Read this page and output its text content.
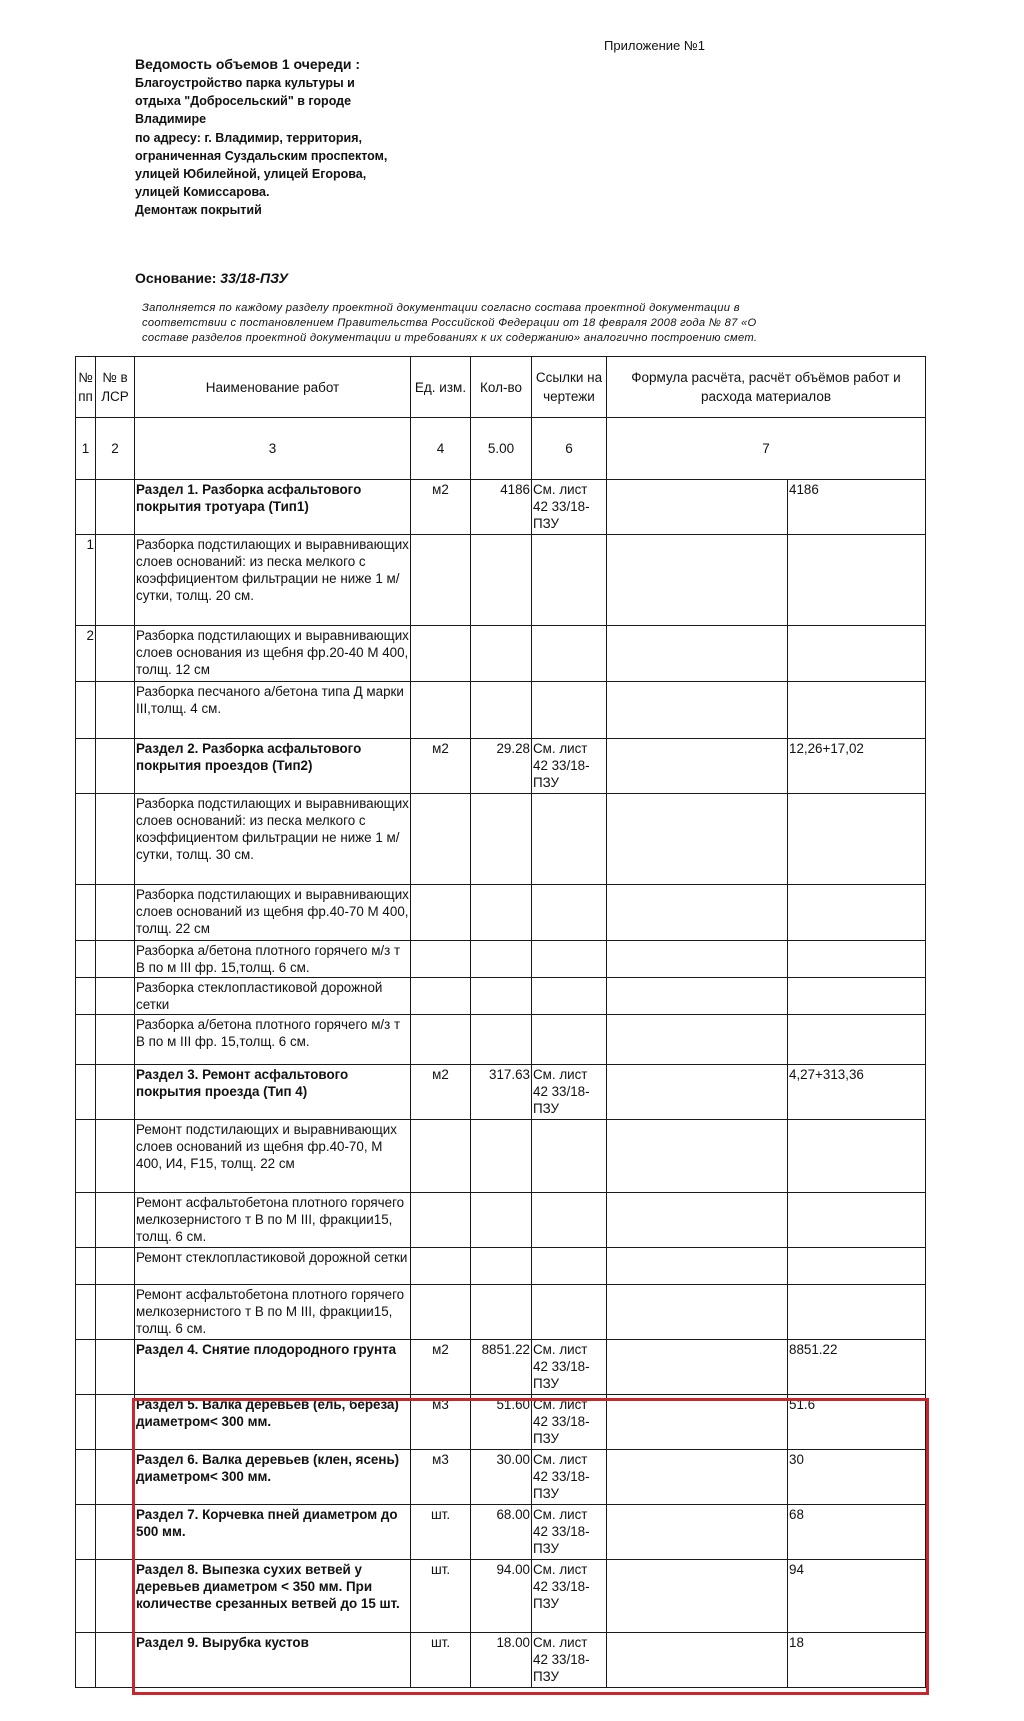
Приложение №1
Ведомость объемов 1 очереди :
Благоустройство парка культуры и
отдыха "Добросельский" в городе
Владимире
по адресу: г. Владимир, территория,
ограниченная Суздальским проспектом,
улицей Юбилейной, улицей Егорова,
улицей Комиссарова.
Демонтаж покрытий
Основание: 33/18-ПЗУ
Заполняется по каждому разделу проектной документации согласно состава проектной документации в соответствии с постановлением Правительства Российской Федерации от 18 февраля 2008 года № 87 «О составе разделов проектной документации и требованиях к их содержанию» аналогично построению смет.
№ пп	№ в ЛСР	Наименование работ	Ед. изм.	Кол-во	Ссылки на чертежи	Формула расчёта, расчёт объёмов работ и расхода материалов	
1	2	3	4	5.00	6	7	
		Раздел 1. Разборка асфальтового покрытия тротуара (Тип1)	м2	4186	См. лист 42 33/18-ПЗУ		4186
1		Разборка подстилающих и выравнивающих слоев оснований: из песка мелкого с коэффициентом фильтрации не ниже 1 м/сутки, толщ. 20 см.					
2		Разборка подстилающих и выравнивающих слоев основания из щебня фр.20-40 М 400, толщ. 12 см					
		Разборка песчаного а/бетона типа Д марки III,толщ. 4 см.					
		Раздел 2. Разборка асфальтового покрытия проездов (Тип2)	м2	29.28	См. лист 42 33/18-ПЗУ		12,26+17,02
		Разборка подстилающих и выравнивающих слоев оснований: из песка мелкого с коэффициентом фильтрации не ниже 1 м/сутки, толщ. 30 см.					
		Разборка подстилающих и выравнивающих слоев оснований из щебня фр.40-70 М 400, толщ. 22 см					
		Разборка а/бетона плотного горячего м/з т В по м III фр. 15,толщ. 6 см.					
		Разборка стеклопластиковой дорожной сетки					
		Разборка а/бетона плотного горячего м/з т В по м III фр. 15,толщ. 6 см.					
		Раздел 3. Ремонт асфальтового покрытия проезда (Тип 4)	м2	317.63	См. лист 42 33/18-ПЗУ		4,27+313,36
		Ремонт подстилающих и выравнивающих слоев оснований из щебня фр.40-70, М 400, И4, F15, толщ. 22 см					
		Ремонт асфальтобетона плотного горячего мелкозернистого т В по М III, фракции15, толщ. 6 см.					
		Ремонт стеклопластиковой дорожной сетки					
		Ремонт асфальтобетона плотного горячего мелкозернистого т В по М III, фракции15, толщ. 6 см.					
		Раздел 4. Снятие плодородного грунта	м2	8851.22	См. лист 42 33/18-ПЗУ		8851.22
		Раздел 5. Валка деревьев (ель, береза) диаметром< 300 мм.	м3	51.60	См. лист 42 33/18-ПЗУ		51.6
		Раздел 6. Валка деревьев (клен, ясень) диаметром< 300 мм.	м3	30.00	См. лист 42 33/18-ПЗУ		30
		Раздел 7. Корчевка пней диаметром до 500 мм.	шт.	68.00	См. лист 42 33/18-ПЗУ		68
		Раздел 8. Выпезка сухих ветвей у деревьев диаметром < 350 мм. При количестве срезанных ветвей до 15 шт.	шт.	94.00	См. лист 42 33/18-ПЗУ		94
		Раздел 9. Вырубка кустов	шт.	18.00	См. лист 42 33/18-ПЗУ		18
